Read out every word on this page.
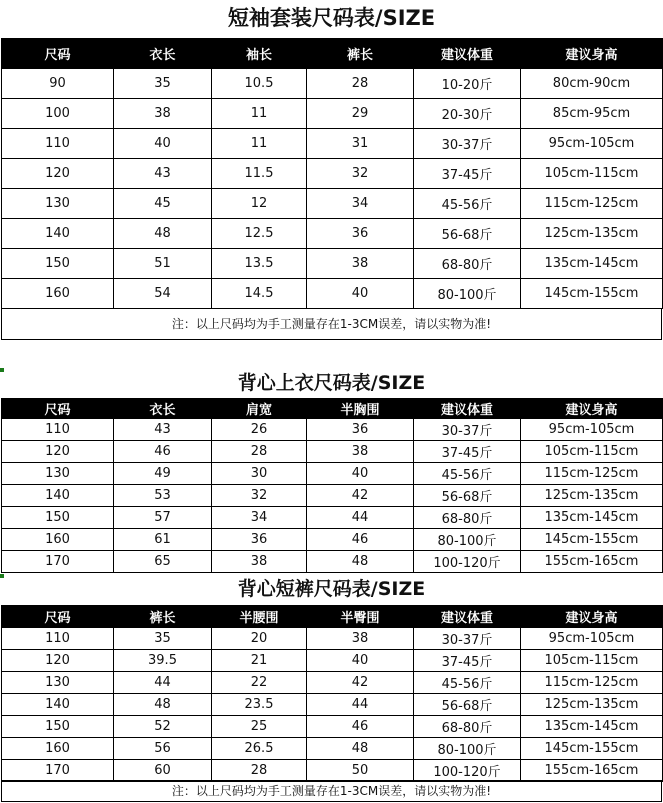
短袖套装尺码表/SIZE
尺码	衣长	袖长	裤长	建议体重	建议身高
90	35	10.5	28	10-20斤	80cm-90cm
100	38	11	29	20-30斤	85cm-95cm
110	40	11	31	30-37斤	95cm-105cm
120	43	11.5	32	37-45斤	105cm-115cm
130	45	12	34	45-56斤	115cm-125cm
140	48	12.5	36	56-68斤	125cm-135cm
150	51	13.5	38	68-80斤	135cm-145cm
160	54	14.5	40	80-100斤	145cm-155cm
注：以上尺码均为手工测量存在1-3CM误差，请以实物为准!
背心上衣尺码表/SIZE
尺码	衣长	肩宽	半胸围	建议体重	建议身高
110	43	26	36	30-37斤	95cm-105cm
120	46	28	38	37-45斤	105cm-115cm
130	49	30	40	45-56斤	115cm-125cm
140	53	32	42	56-68斤	125cm-135cm
150	57	34	44	68-80斤	135cm-145cm
160	61	36	46	80-100斤	145cm-155cm
170	65	38	48	100-120斤	155cm-165cm
背心短裤尺码表/SIZE
尺码	裤长	半腰围	半臀围	建议体重	建议身高
110	35	20	38	30-37斤	95cm-105cm
120	39.5	21	40	37-45斤	105cm-115cm
130	44	22	42	45-56斤	115cm-125cm
140	48	23.5	44	56-68斤	125cm-135cm
150	52	25	46	68-80斤	135cm-145cm
160	56	26.5	48	80-100斤	145cm-155cm
170	60	28	50	100-120斤	155cm-165cm
注：以上尺码均为手工测量存在1-3CM误差，请以实物为准!
